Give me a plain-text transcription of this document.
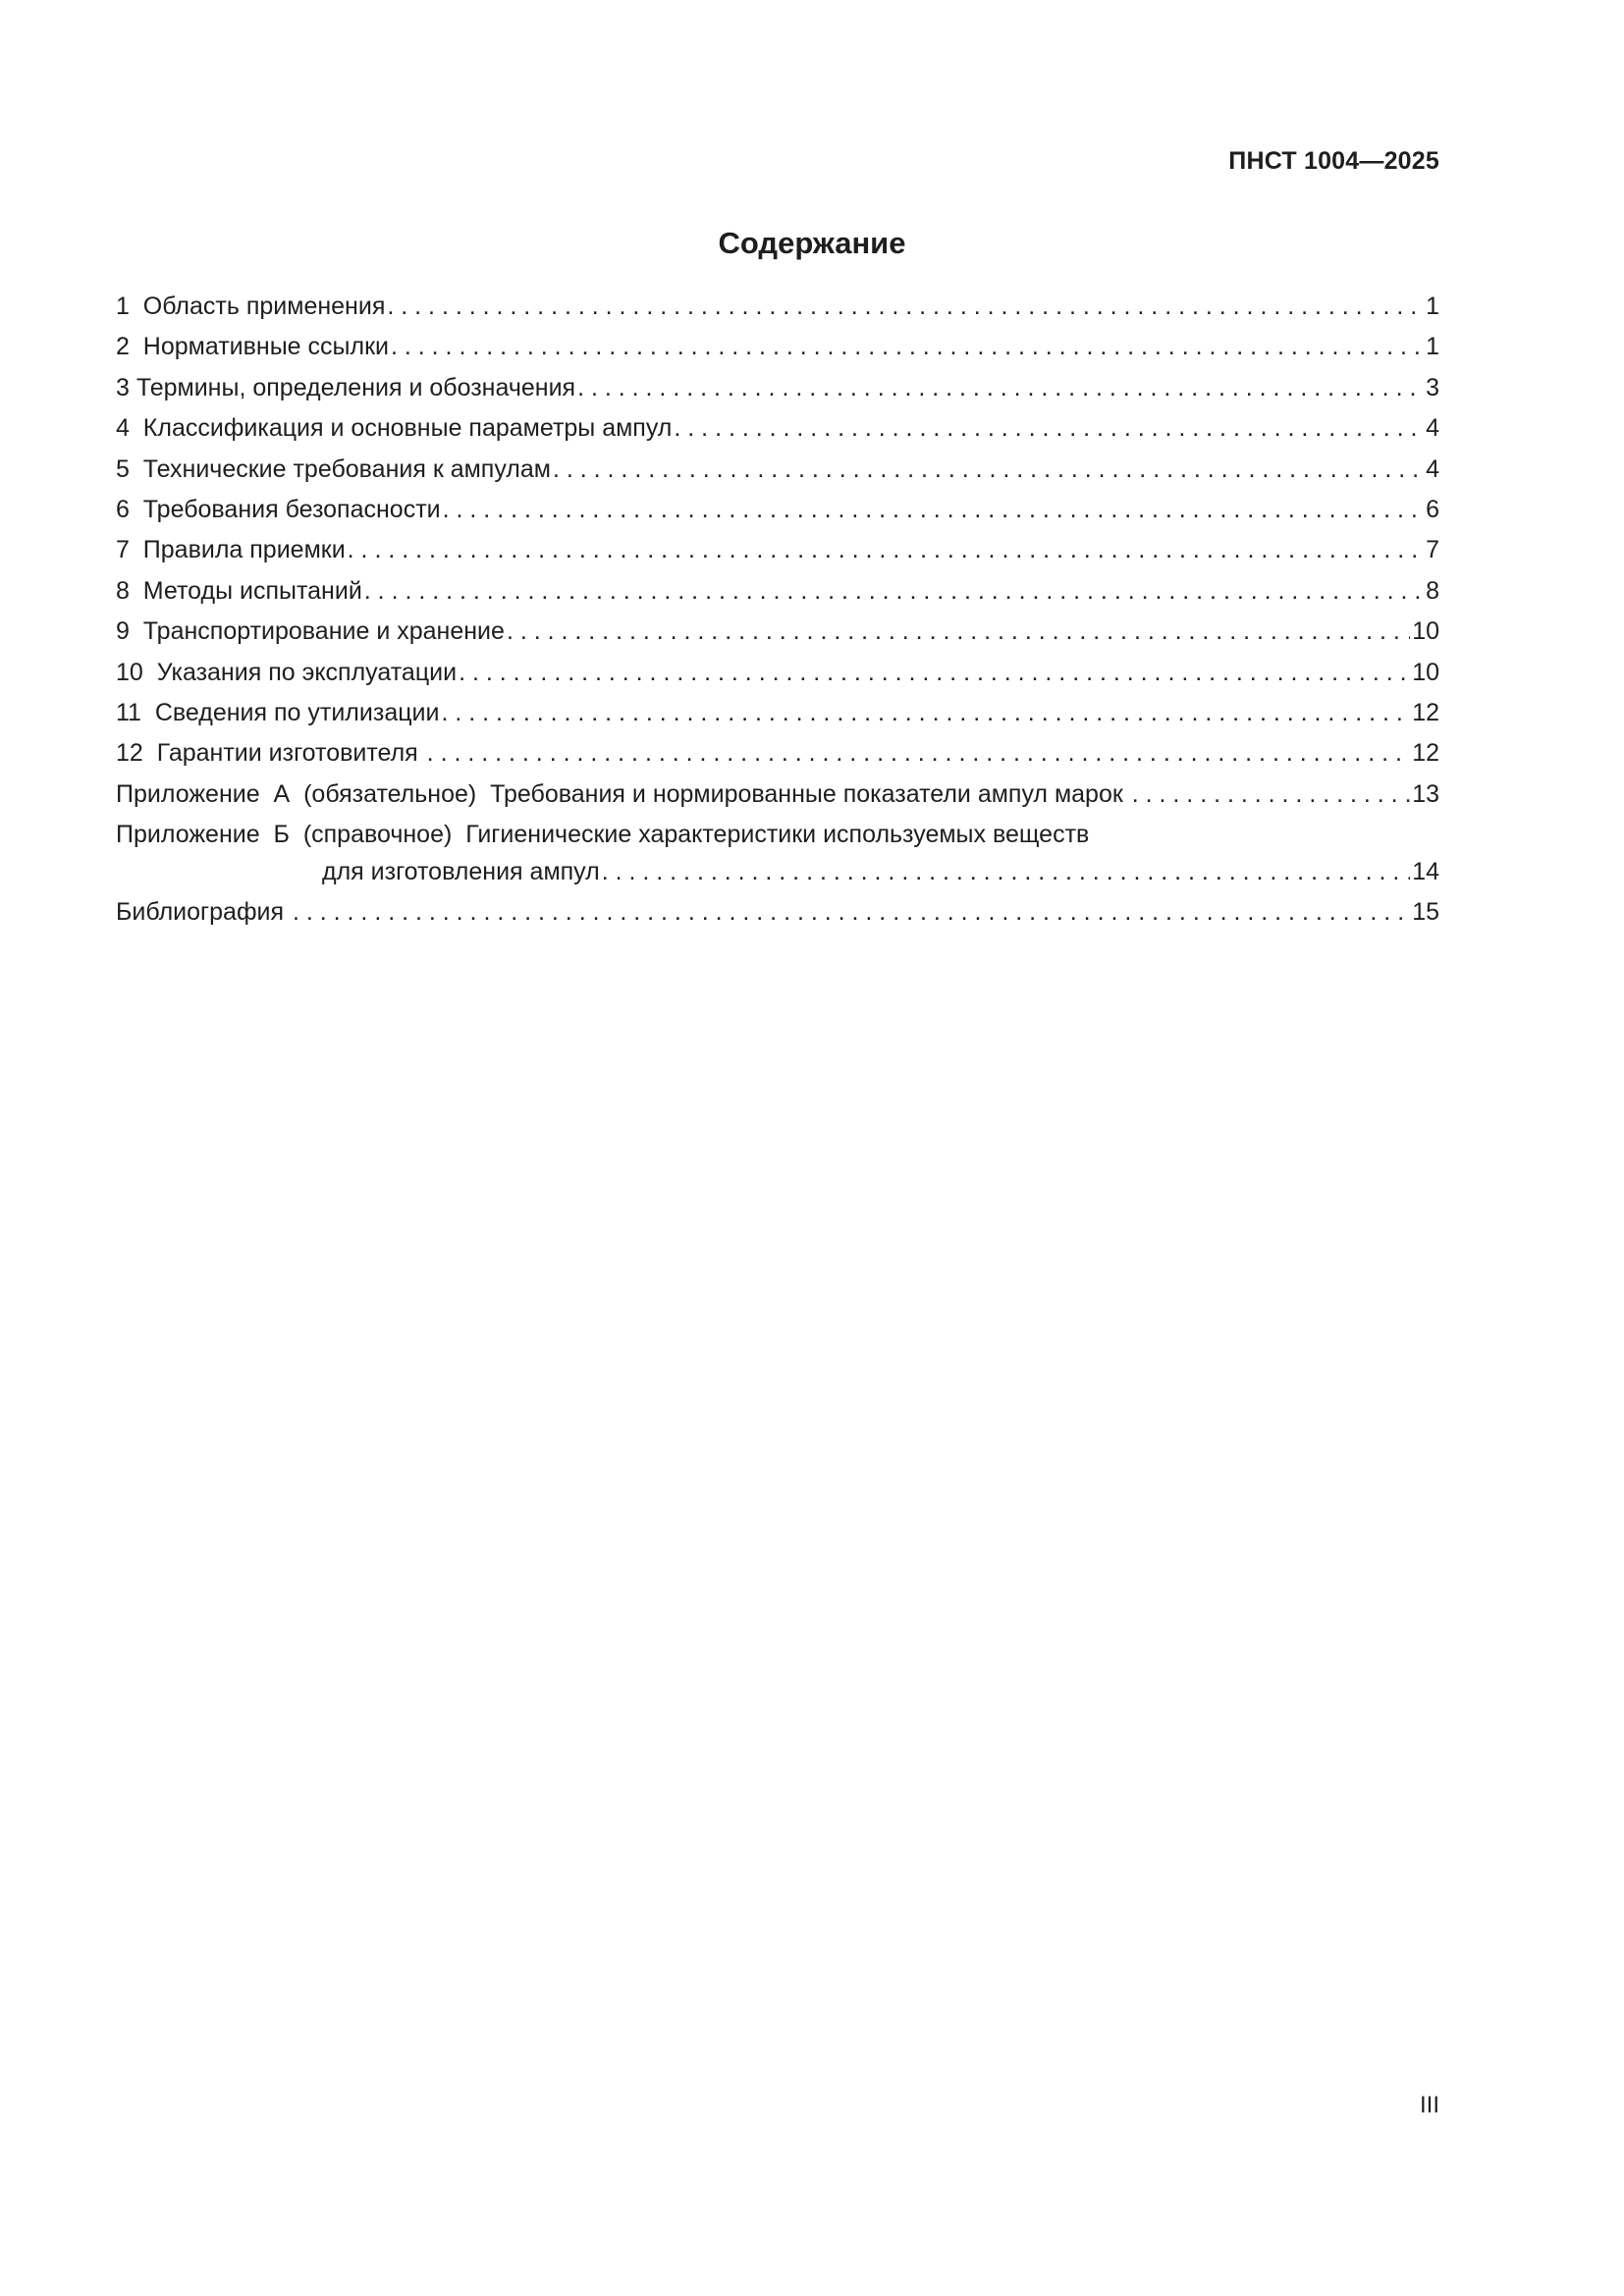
ПНСТ 1004—2025
Содержание
1  Область применения . . .	1
2  Нормативные ссылки . . .	1
3 Термины, определения и обозначения . . .	3
4  Классификация и основные параметры ампул . . .	4
5  Технические требования к ампулам . . .	4
6  Требования безопасности . . .	6
7  Правила приемки . . .	7
8  Методы испытаний . . .	8
9  Транспортирование и хранение . . .	10
10  Указания по эксплуатации . . .	10
11  Сведения по утилизации . . .	12
12  Гарантии изготовителя . . .	12
Приложение  А  (обязательное)  Требования и нормированные показатели ампул марок . . .	13
Приложение  Б  (справочное)  Гигиенические характеристики используемых веществ
для изготовления ампул . . .	14
Библиография . . .	15
III
